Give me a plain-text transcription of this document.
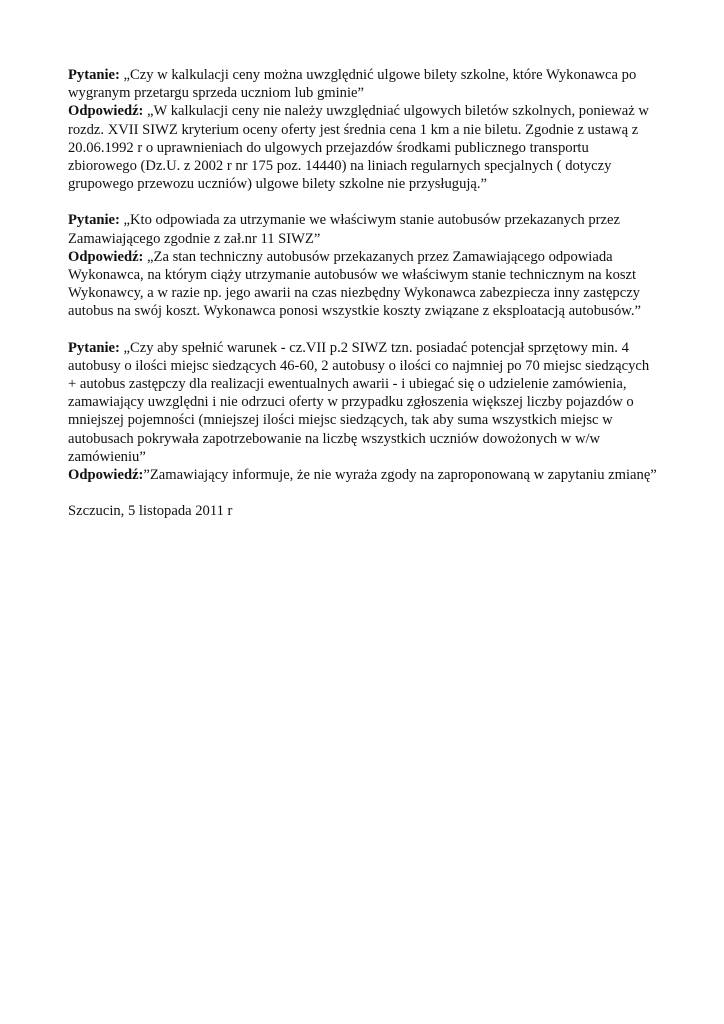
Pytanie: „Czy w kalkulacji ceny można uwzględnić ulgowe bilety szkolne, które Wykonawca po wygranym przetargu sprzeda uczniom lub gminie”

Odpowiedź: „W kalkulacji ceny nie należy uwzględniać ulgowych biletów szkolnych, ponieważ w rozdz. XVII SIWZ kryterium oceny oferty jest średnia cena 1 km a nie biletu. Zgodnie z ustawą z 20.06.1992 r o uprawnieniach do ulgowych przejazdów środkami publicznego transportu zbiorowego (Dz.U. z 2002 r nr 175 poz. 14440) na liniach regularnych specjalnych ( dotyczy grupowego przewozu uczniów) ulgowe bilety szkolne nie przysługują.”

Pytanie: „Kto odpowiada za utrzymanie we właściwym stanie autobusów przekazanych przez Zamawiającego zgodnie z zał.nr 11 SIWZ”

Odpowiedź: „Za stan techniczny autobusów przekazanych przez Zamawiającego odpowiada Wykonawca, na którym ciąży utrzymanie autobusów we właściwym stanie technicznym na koszt Wykonawcy, a w razie np. jego awarii na czas niezbędny Wykonawca zabezpiecza inny zastępczy autobus na swój koszt. Wykonawca ponosi wszystkie koszty związane z eksploatacją autobusów.”

Pytanie: „Czy aby spełnić warunek - cz.VII p.2 SIWZ tzn. posiadać potencjał sprzętowy min. 4 autobusy o ilości miejsc siedzących 46-60, 2 autobusy o ilości co najmniej po 70 miejsc siedzących + autobus zastępczy dla realizacji ewentualnych awarii - i ubiegać się o udzielenie zamówienia, zamawiający uwzględni i nie odrzuci oferty w przypadku zgłoszenia większej liczby pojazdów o mniejszej pojemności (mniejszej ilości miejsc siedzących, tak aby suma wszystkich miejsc w autobusach pokrywała zapotrzebowanie na liczbę wszystkich uczniów dowożonych w w/w zamówieniu”

Odpowiedź:”Zamawiający informuje, że nie wyraża zgody na zaproponowaną w zapytaniu zmianę”

Szczucin, 5 listopada 2011 r
